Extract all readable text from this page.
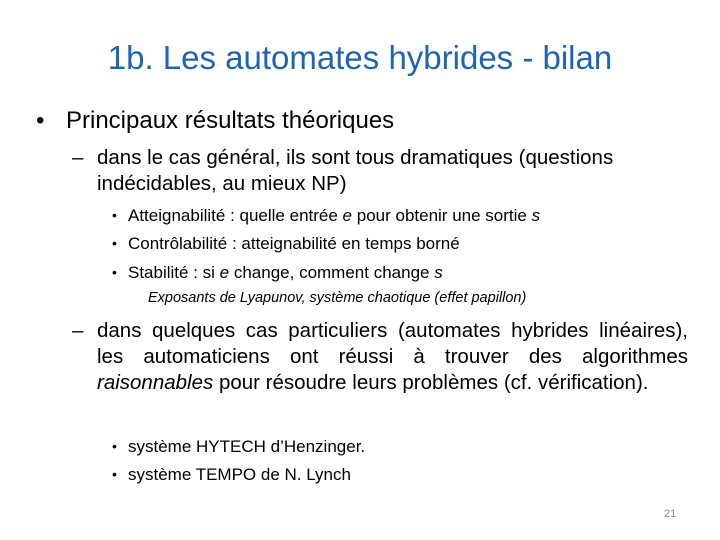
1b. Les automates hybrides - bilan
• Principaux résultats théoriques
– dans le cas général, ils sont tous dramatiques (questions
indécidables, au mieux NP)
• Atteignabilité : quelle entrée e pour obtenir une sortie s
• Contrôlabilité : atteignabilité en temps borné
• Stabilité : si e change, comment change s
Exposants de Lyapunov, système chaotique (effet papillon)
– dans quelques cas particuliers (automates hybrides linéaires), les automaticiens ont réussi à trouver des algorithmes raisonnables pour résoudre leurs problèmes (cf. vérification).
• système HYTECH d’Henzinger.
• système TEMPO de N. Lynch
21
